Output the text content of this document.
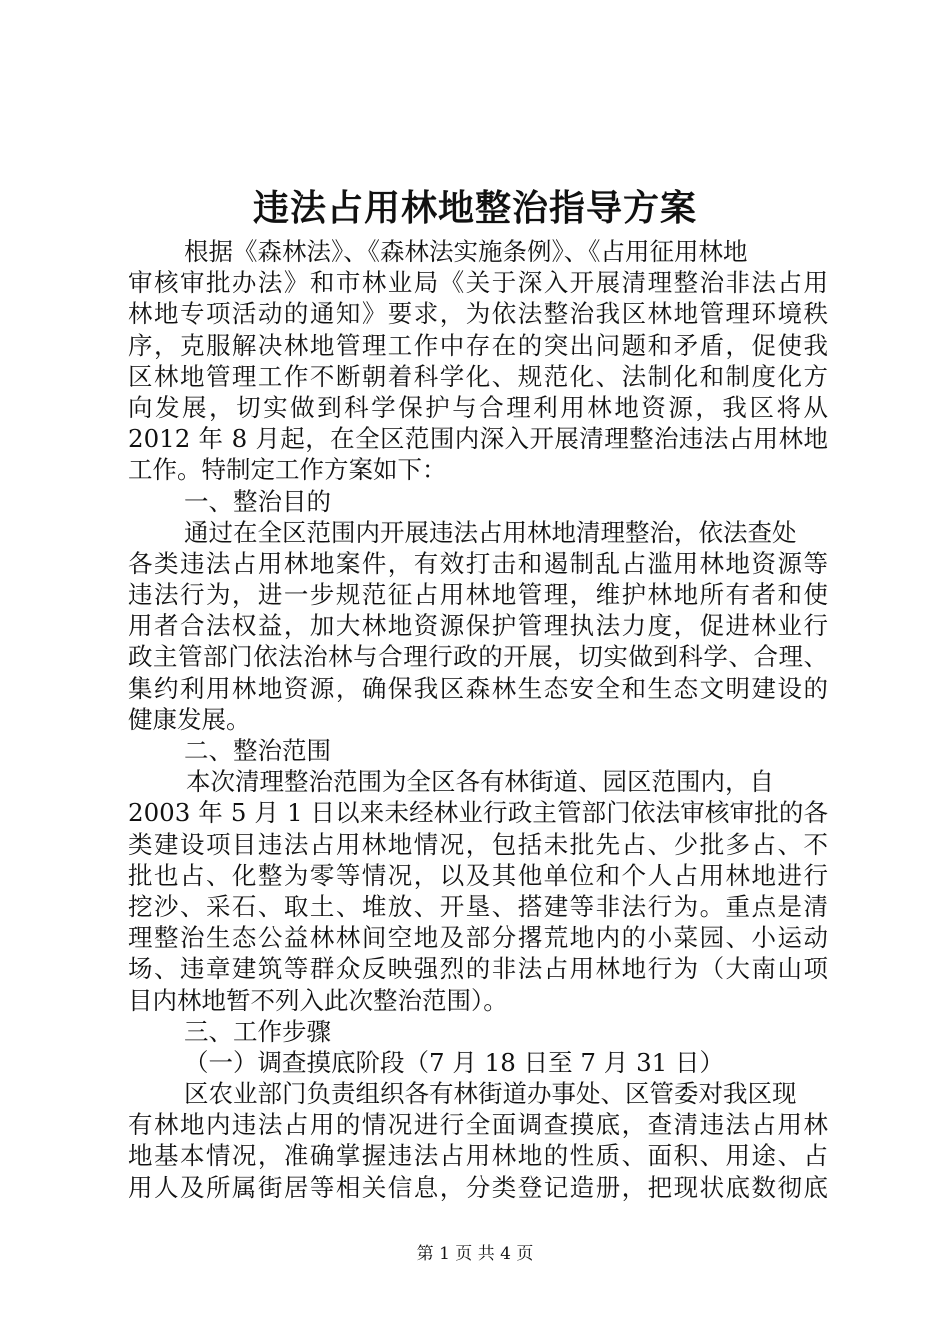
违法占用林地整治指导方案
根据《森林法》、《森林法实施条例》、《占用征用林地
审核审批办法》和市林业局《关于深入开展清理整治非法占用
林地专项活动的通知》要求，为依法整治我区林地管理环境秩
序，克服解决林地管理工作中存在的突出问题和矛盾，促使我
区林地管理工作不断朝着科学化、规范化、法制化和制度化方
向发展，切实做到科学保护与合理利用林地资源，我区将从
2012 年 8 月起，在全区范围内深入开展清理整治违法占用林地
工作。特制定工作方案如下：
一、整治目的
通过在全区范围内开展违法占用林地清理整治，依法查处
各类违法占用林地案件，有效打击和遏制乱占滥用林地资源等
违法行为，进一步规范征占用林地管理，维护林地所有者和使
用者合法权益，加大林地资源保护管理执法力度，促进林业行
政主管部门依法治林与合理行政的开展，切实做到科学、合理、
集约利用林地资源，确保我区森林生态安全和生态文明建设的
健康发展。
二、整治范围
本次清理整治范围为全区各有林街道、园区范围内，自
2003 年 5 月 1 日以来未经林业行政主管部门依法审核审批的各
类建设项目违法占用林地情况，包括未批先占、少批多占、不
批也占、化整为零等情况，以及其他单位和个人占用林地进行
挖沙、采石、取土、堆放、开垦、搭建等非法行为。重点是清
理整治生态公益林林间空地及部分撂荒地内的小菜园、小运动
场、违章建筑等群众反映强烈的非法占用林地行为（大南山项
目内林地暂不列入此次整治范围）。
三、工作步骤
（一）调查摸底阶段（7 月 18 日至 7 月 31 日）
区农业部门负责组织各有林街道办事处、区管委对我区现
有林地内违法占用的情况进行全面调查摸底，查清违法占用林
地基本情况，准确掌握违法占用林地的性质、面积、用途、占
用人及所属街居等相关信息，分类登记造册，把现状底数彻底
第 1 页 共 4 页
